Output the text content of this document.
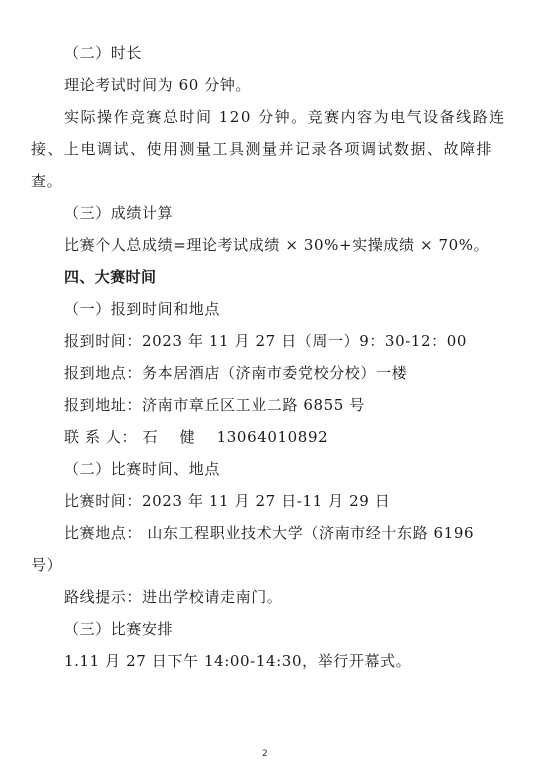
（二）时长
理论考试时间为 60 分钟。
实际操作竞赛总时间 120 分钟。竞赛内容为电气设备线路连
接、上电调试、使用测量工具测量并记录各项调试数据、故障排
查。
（三）成绩计算
比赛个人总成绩=理论考试成绩 × 30%+实操成绩 × 70%。
四、大赛时间
（一）报到时间和地点
报到时间：2023 年 11 月 27 日（周一）9：30-12：00
报到地点：务本居酒店（济南市委党校分校）一楼
报到地址：济南市章丘区工业二路 6855 号
联 系 人： 石    健    13064010892
（二）比赛时间、地点
比赛时间：2023 年 11 月 27 日-11 月 29 日
比赛地点： 山东工程职业技术大学（济南市经十东路 6196
号）
路线提示：进出学校请走南门。
（三）比赛安排
1.11 月 27 日下午 14:00-14:30，举行开幕式。
2
